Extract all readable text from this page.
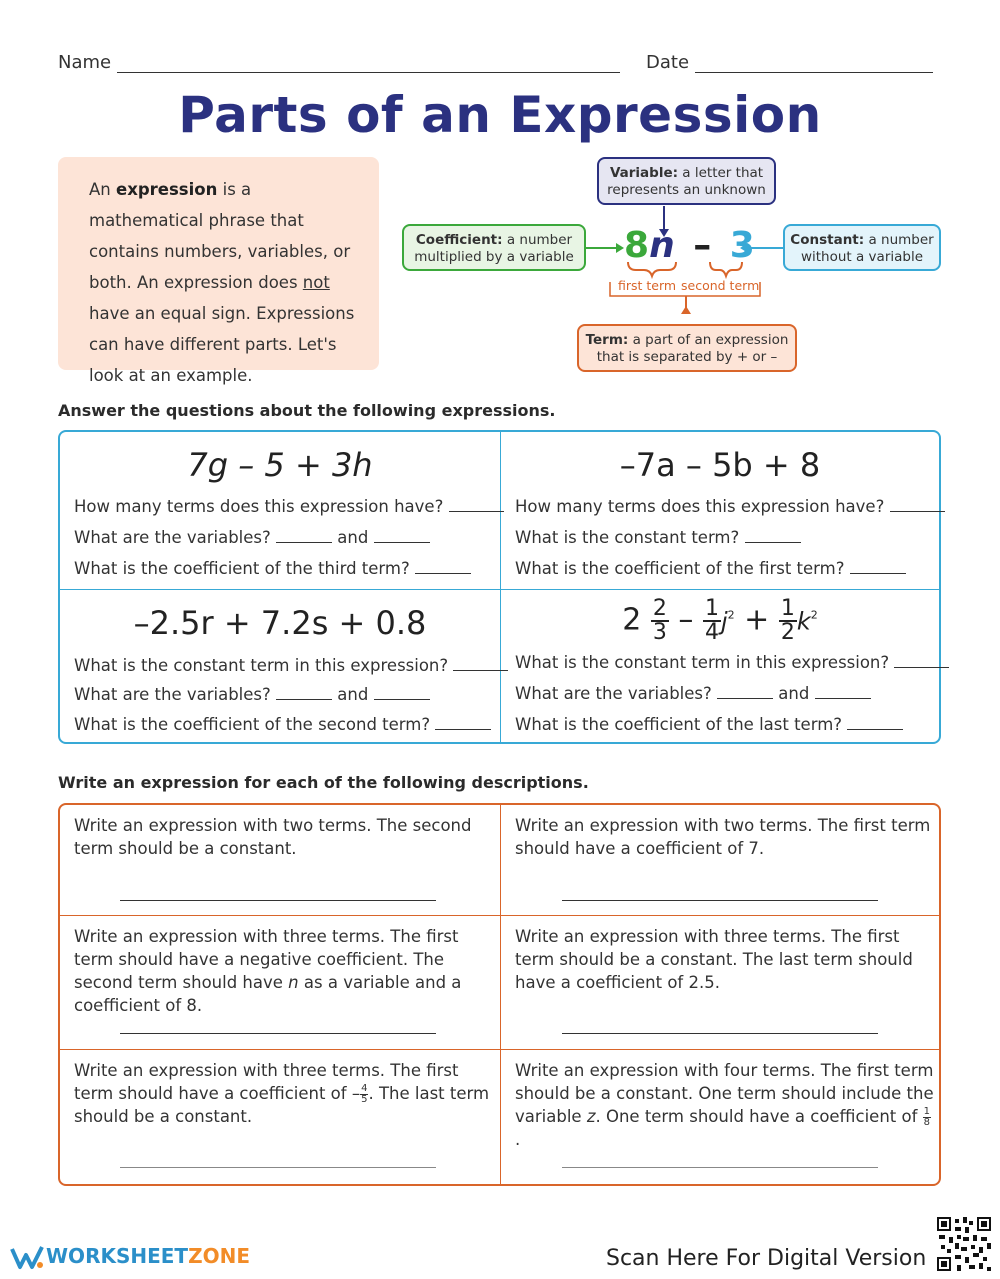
Name	Date
Parts of an Expression
An expression is a mathematical phrase that contains numbers, variables, or both. An expression does not have an equal sign. Expressions can have different parts. Let's look at an example.
Variable: a letter that represents an unknown
Coefficient: a number multiplied by a variable
Constant: a number without a variable
Term: a part of an expression that is separated by + or –
8n – 3
first term second term
Answer the questions about the following expressions.
7g – 5 + 3h
How many terms does this expression have?
What are the variables?	and
What is the coefficient of the third term?
–7a – 5b + 8
How many terms does this expression have?
What is the constant term?
What is the coefficient of the first term?
–2.5r + 7.2s + 0.8
What is the constant term in this expression?
What are the variables?	and
What is the coefficient of the second term?
$2 \frac{2}{3} - \frac{1}{4} j^2 + \frac{1}{2} k^2$
What is the constant term in this expression?
What are the variables?	and
What is the coefficient of the last term?
Write an expression for each of the following descriptions.
Write an expression with two terms. The second term should be a constant.
Write an expression with two terms. The first term should have a coefficient of 7.
Write an expression with three terms. The first term should have a negative coefficient. The second term should have n as a variable and a coefficient of 8.
Write an expression with three terms. The first term should be a constant. The last term should have a coefficient of 2.5.
Write an expression with three terms. The first term should have a coefficient of – $\frac{4}{5}$ . The last term should be a constant.
Write an expression with four terms. The first term should be a constant. One term should include the variable z. One term should have a coefficient of $\frac{1}{8}$
.
WORKSHEETZONE	Scan Here For Digital Version
